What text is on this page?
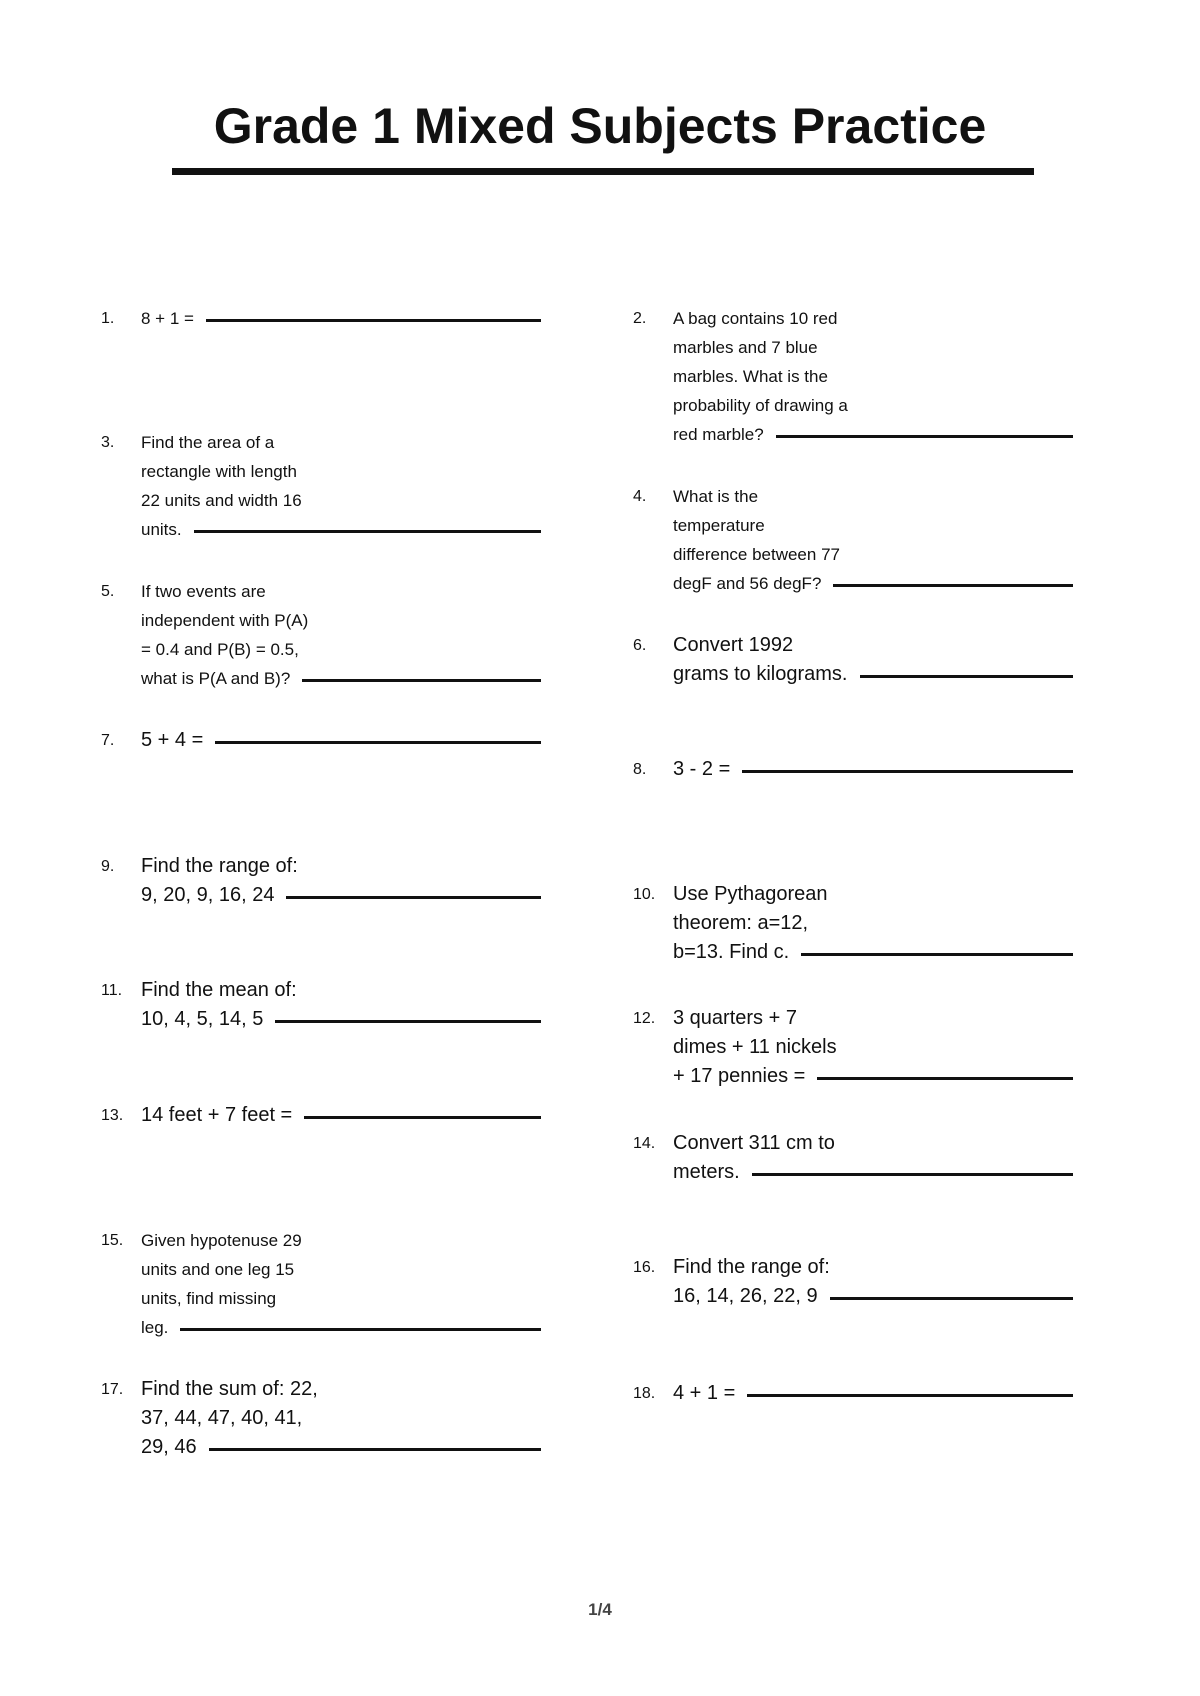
Grade 1 Mixed Subjects Practice
1.	8 + 1 =	2.	A bag contains 10 red
marbles and 7 blue
marbles. What is the
probability of drawing a
red marble?
3.	Find the area of a
rectangle with length
22 units and width 16
units.
4.	What is the
temperature
difference between 77
degF and 56 degF?
5.	If two events are
independent with P(A)
= 0.4 and P(B) = 0.5,
what is P(A and B)?
6.	Convert 1992
grams to kilograms.
7.	5 + 4 =
8.	3 - 2 =
9.	Find the range of:
9, 20, 9, 16, 24	10. Use Pythagorean
theorem: a=12,
b=13. Find c.
11. Find the mean of:
10, 4, 5, 14, 5	12. 3 quarters + 7
dimes + 11 nickels
+ 17 pennies =
13. 14 feet + 7 feet =
14. Convert 311 cm to
meters.
15.	Given hypotenuse 29
units and one leg 15
units, find missing
leg.
16. Find the range of:
16, 14, 26, 22, 9
17. Find the sum of: 22,
37, 44, 47, 40, 41,
29, 46
18. 4 + 1 =
1/4
